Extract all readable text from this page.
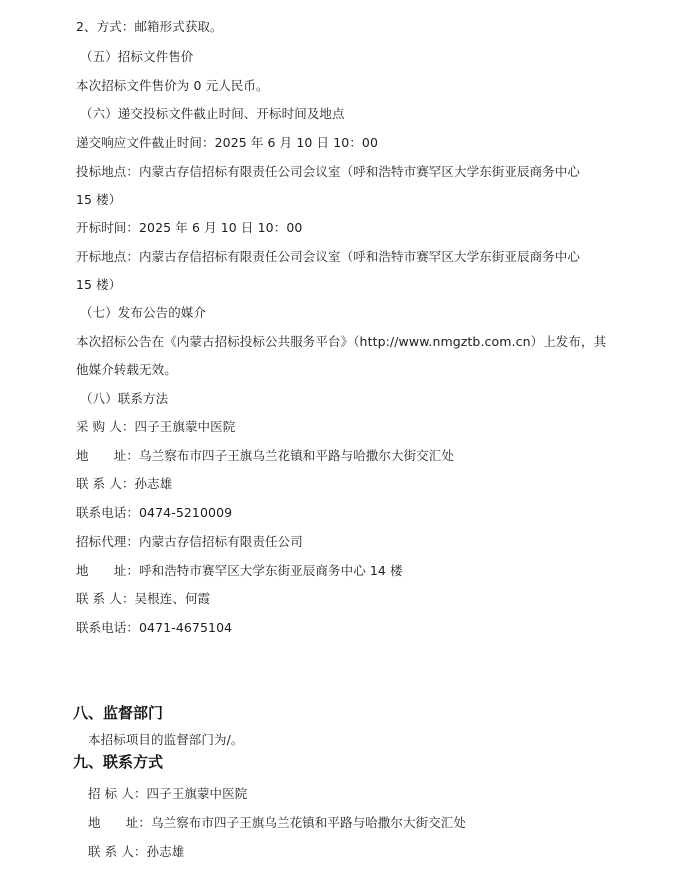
2、方式：邮箱形式获取。
（五）招标文件售价
本次招标文件售价为 0 元人民币。
（六）递交投标文件截止时间、开标时间及地点
递交响应文件截止时间：2025 年 6 月 10 日 10：00
投标地点：内蒙古存信招标有限责任公司会议室（呼和浩特市赛罕区大学东街亚辰商务中心
15 楼）
开标时间：2025 年 6 月 10 日 10：00
开标地点：内蒙古存信招标有限责任公司会议室（呼和浩特市赛罕区大学东街亚辰商务中心
15 楼）
（七）发布公告的媒介
本次招标公告在《内蒙古招标投标公共服务平台》（http://www.nmgztb.com.cn）上发布，其
他媒介转载无效。
（八）联系方法
采 购 人：四子王旗蒙中医院
地　　址：乌兰察布市四子王旗乌兰花镇和平路与哈撒尔大街交汇处
联 系 人：孙志雄
联系电话：0474-5210009
招标代理：内蒙古存信招标有限责任公司
地　　址：呼和浩特市赛罕区大学东街亚辰商务中心 14 楼
联 系 人：吴根连、何霞
联系电话：0471-4675104
八、监督部门
本招标项目的监督部门为/。
九、联系方式
招 标 人：四子王旗蒙中医院
地　　址：乌兰察布市四子王旗乌兰花镇和平路与哈撒尔大街交汇处
联 系 人：孙志雄
